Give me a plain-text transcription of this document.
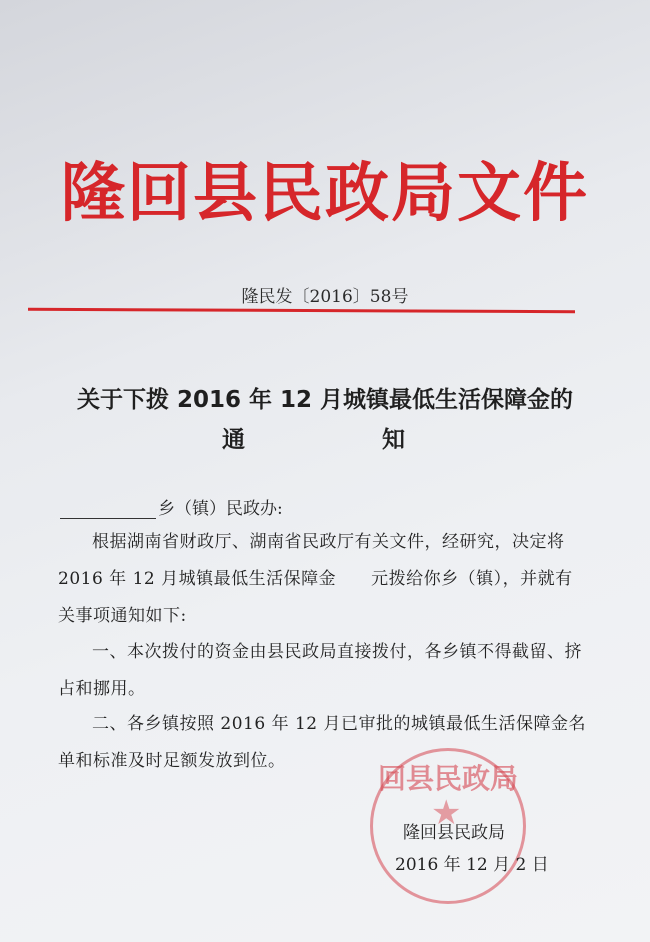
隆回县民政局文件
隆民发〔2016〕58号
关于下拨 2016 年 12 月城镇最低生活保障金的
通	知
乡（镇）民政办:
根据湖南省财政厅、湖南省民政厅有关文件，经研究，决定将 2016 年 12 月城镇最低生活保障金　　元拨给你乡（镇），并就有关事项通知如下:
一、本次拨付的资金由县民政局直接拨付，各乡镇不得截留、挤占和挪用。
二、各乡镇按照 2016 年 12 月已审批的城镇最低生活保障金名单和标准及时足额发放到位。
回县民政局
★
隆回县民政局
2016 年 12 月 2 日
